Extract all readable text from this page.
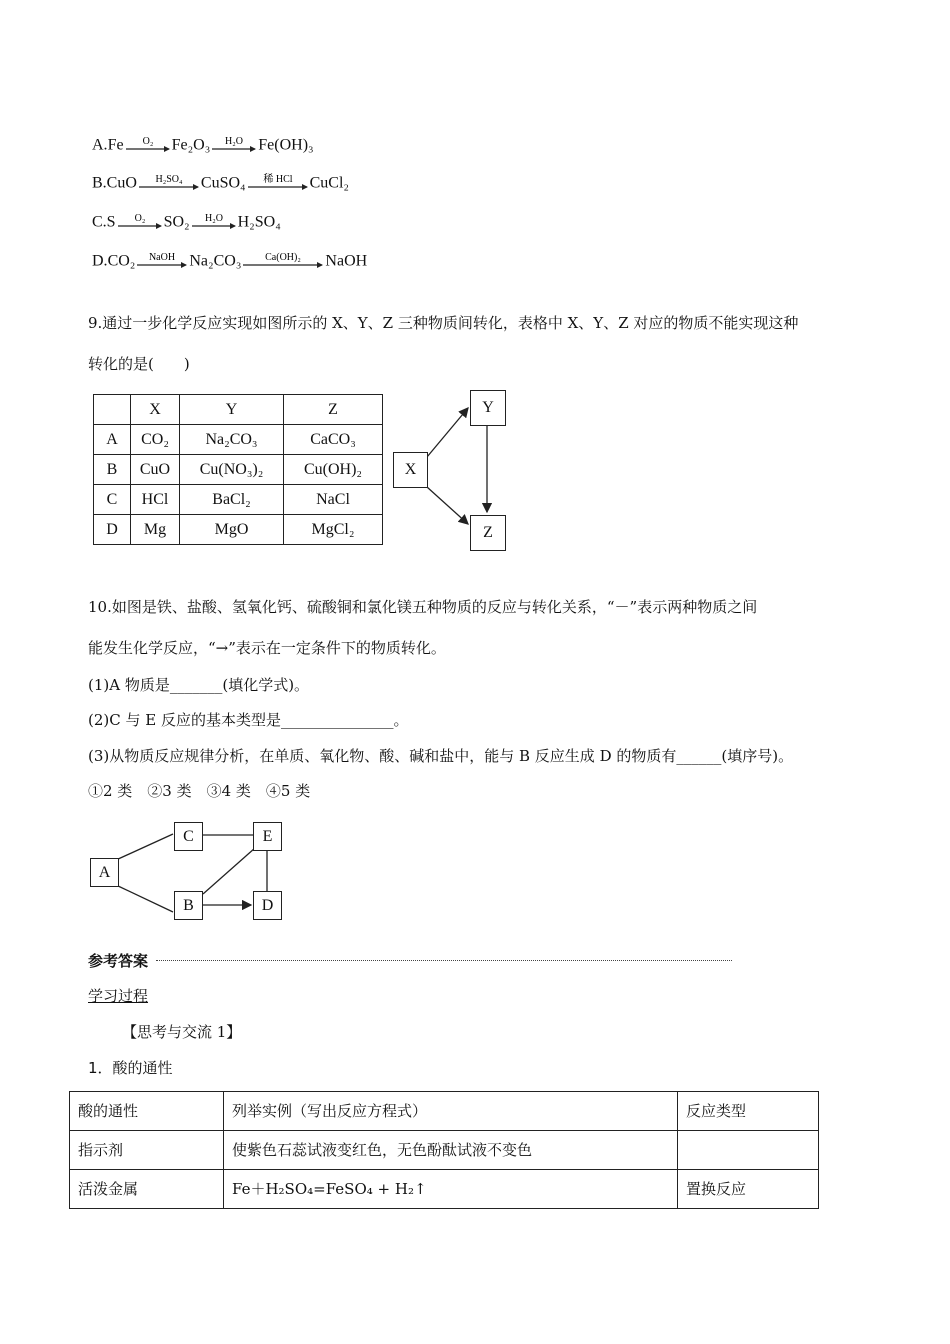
A.Fe O₂ Fe₂O₃ H₂O Fe(OH)₃
B.CuO H₂SO₄ CuSO₄ 稀 HCl CuCl₂
C.S O₂ SO₂ H₂O H₂SO₄
D.CO₂ NaOH Na₂CO₃ Ca(OH)₂ NaOH
9.通过一步化学反应实现如图所示的 X、Y、Z 三种物质间转化，表格中 X、Y、Z 对应的物质不能实现这种
转化的是(　　)
	X	Y	Z
A	CO₂	Na₂CO₃	CaCO₃
B	CuO	Cu(NO₃)₂	Cu(OH)₂
C	HCl	BaCl₂	NaCl
D	Mg	MgO	MgCl₂
X
Y
Z
10.如图是铁、盐酸、氢氧化钙、硫酸铜和氯化镁五种物质的反应与转化关系，“－”表示两种物质之间
能发生化学反应，“→”表示在一定条件下的物质转化。
(1)A 物质是_______(填化学式)。
(2)C 与 E 反应的基本类型是_______________。
(3)从物质反应规律分析，在单质、氧化物、酸、碱和盐中，能与 B 反应生成 D 的物质有______(填序号)。
①2 类　②3 类　③4 类　④5 类
A
C	E
B	D
参考答案
学习过程
【思考与交流 1】
1．酸的通性
酸的通性	列举实例（写出反应方程式）	反应类型
指示剂	使紫色石蕊试液变红色，无色酚酞试液不变色	
活泼金属	Fe＋H₂SO₄=FeSO₄ + H₂↑	置换反应
